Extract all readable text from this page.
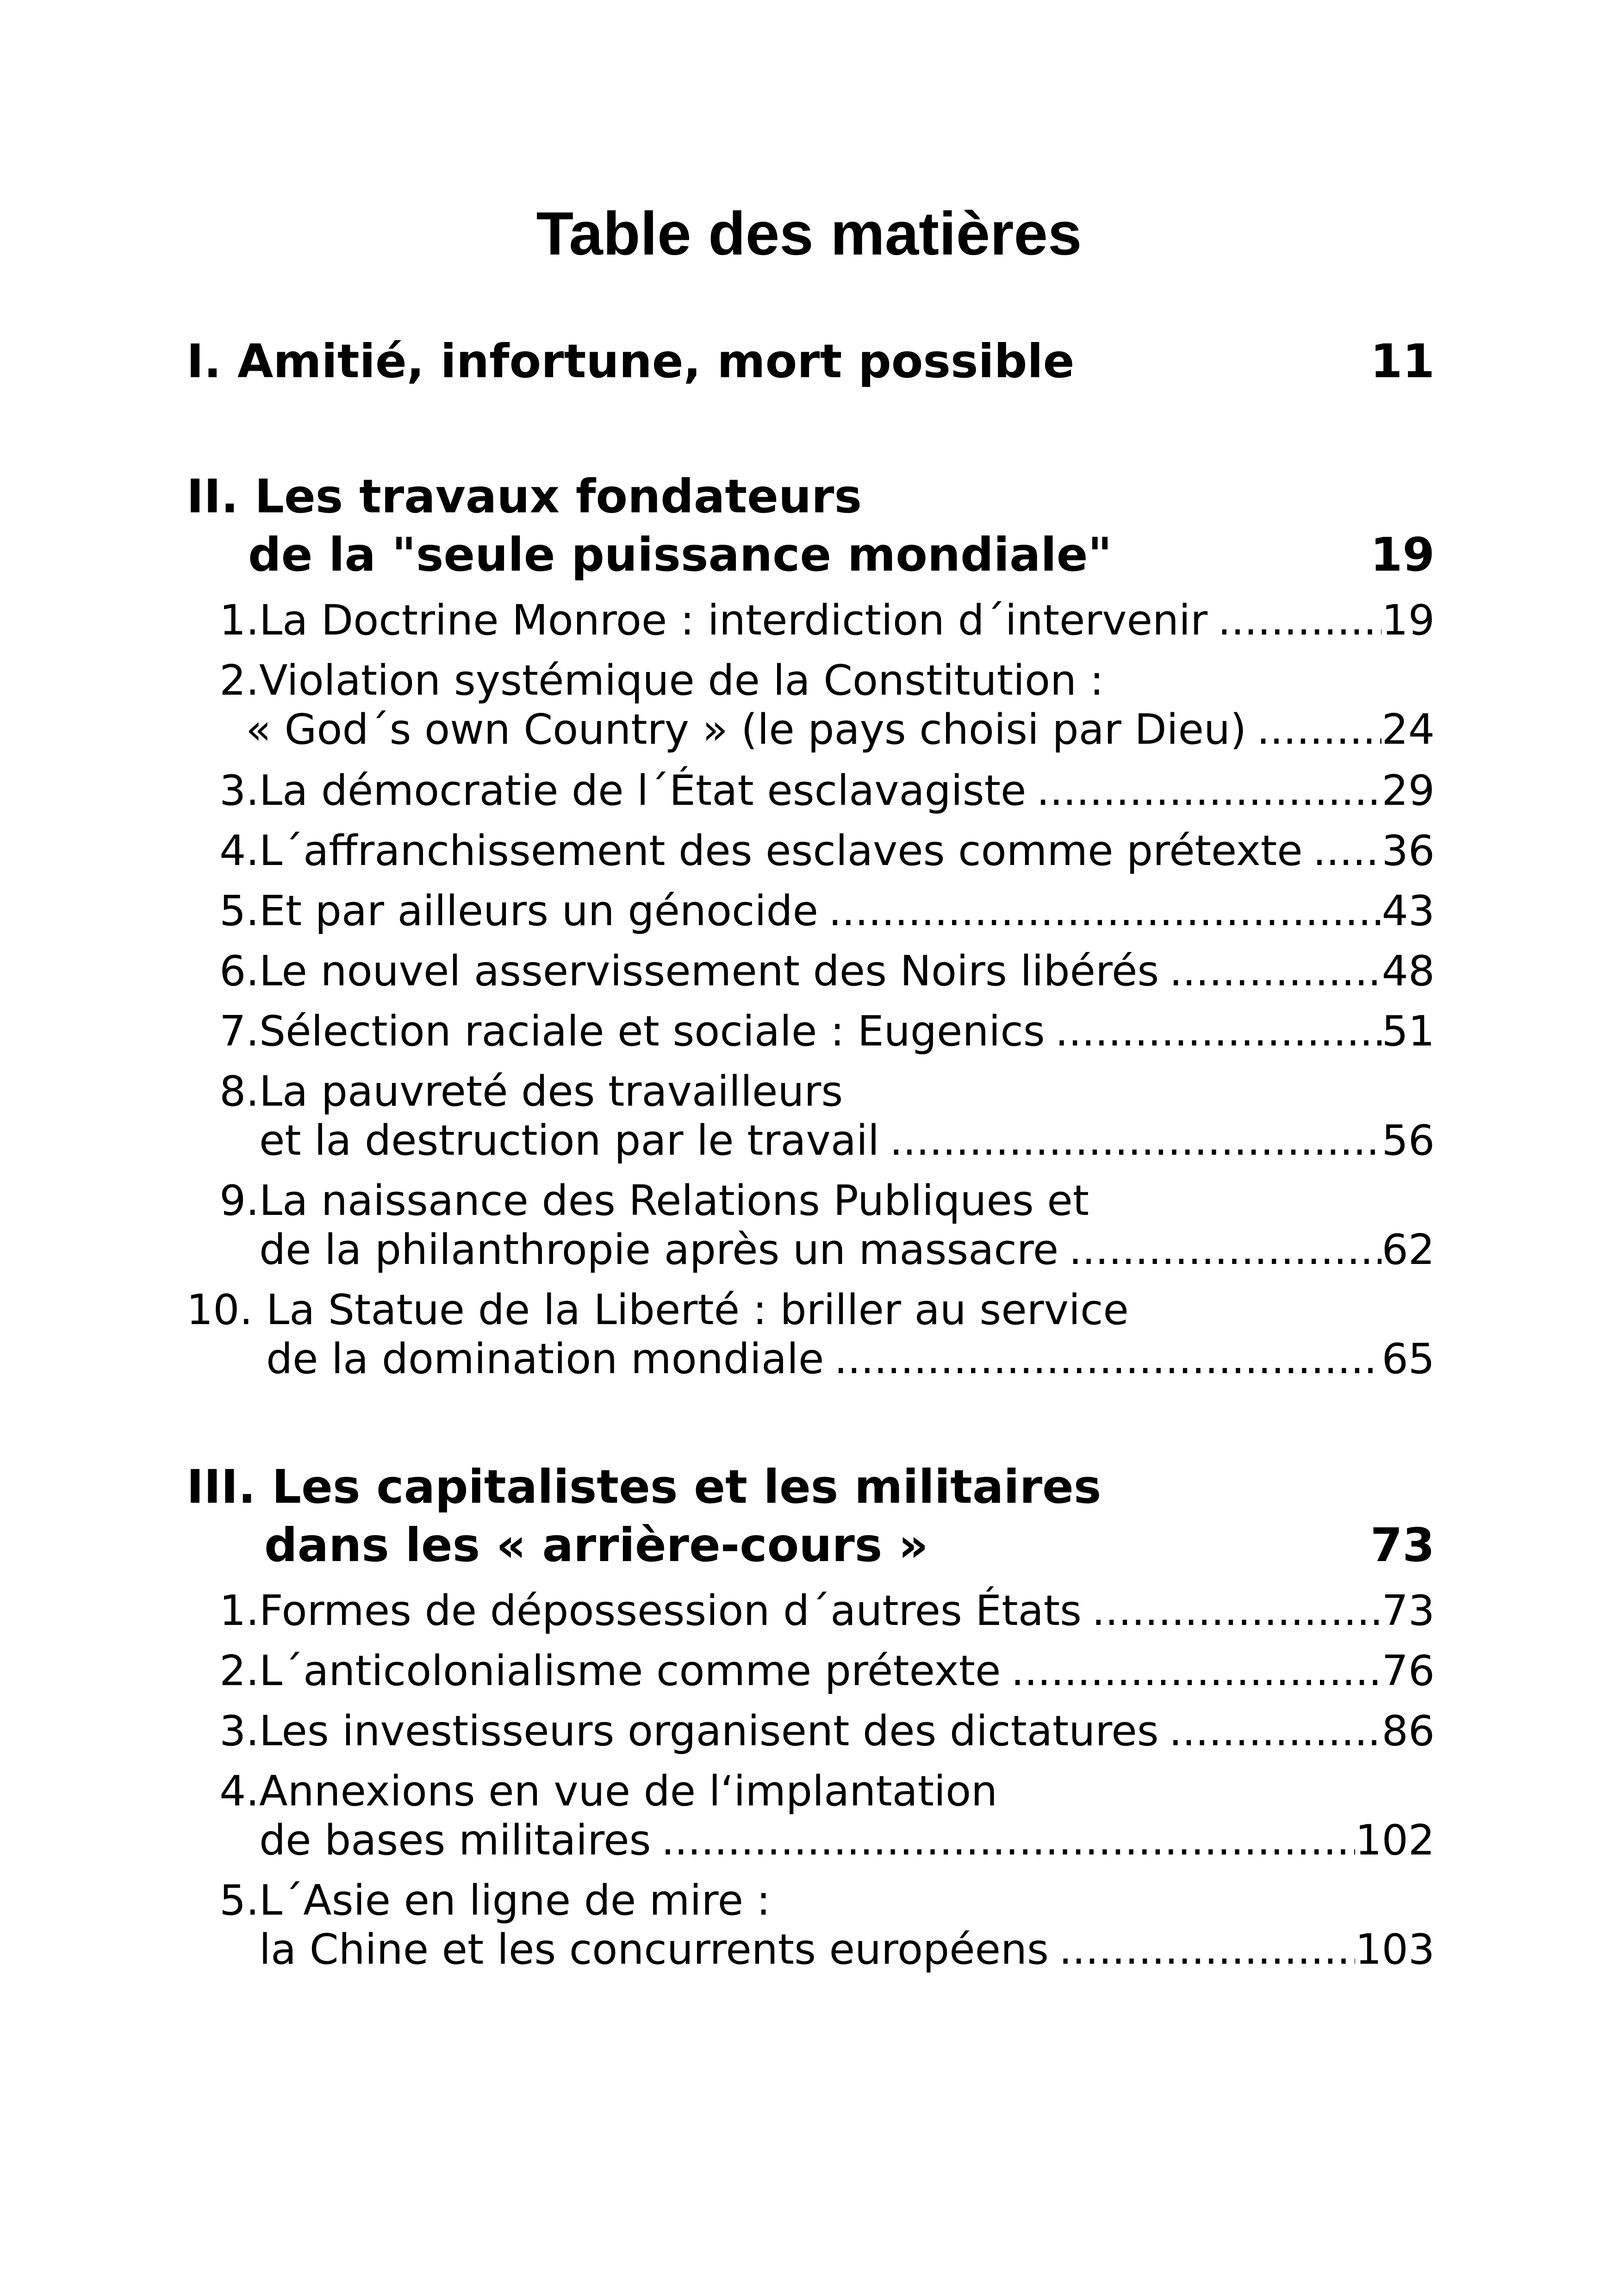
Table des matières
I. Amitié, infortune, mort possible	11
II. Les travaux fondateurs
de la "seule puissance mondiale"	19
1. La Doctrine Monroe : interdiction d´intervenir .....	19
2. Violation systémique de la Constitution :
« God´s own Country » (le pays choisi par Dieu) .....	24
3. La démocratie de l´État esclavagiste .....	29
4. L´affranchissement des esclaves comme prétexte ..... 36
5. Et par ailleurs un génocide .....	43
6. Le nouvel asservissement des Noirs libérés .....	48
7. Sélection raciale et sociale : Eugenics .....	51
8. La pauvreté des travailleurs
et la destruction par le travail .....	56
9. La naissance des Relations Publiques et
de la philanthropie après un massacre .....	62
10. La Statue de la Liberté : briller au service
de la domination mondiale .....	65
III. Les capitalistes et les militaires
dans les « arrière-cours »	73
1. Formes de dépossession d´autres États .....	73
2. L´anticolonialisme comme prétexte .....	76
3. Les investisseurs organisent des dictatures .....	86
4. Annexions en vue de l‘implantation
de bases militaires .....	102
5. L´Asie en ligne de mire :
la Chine et les concurrents européens .....	103
